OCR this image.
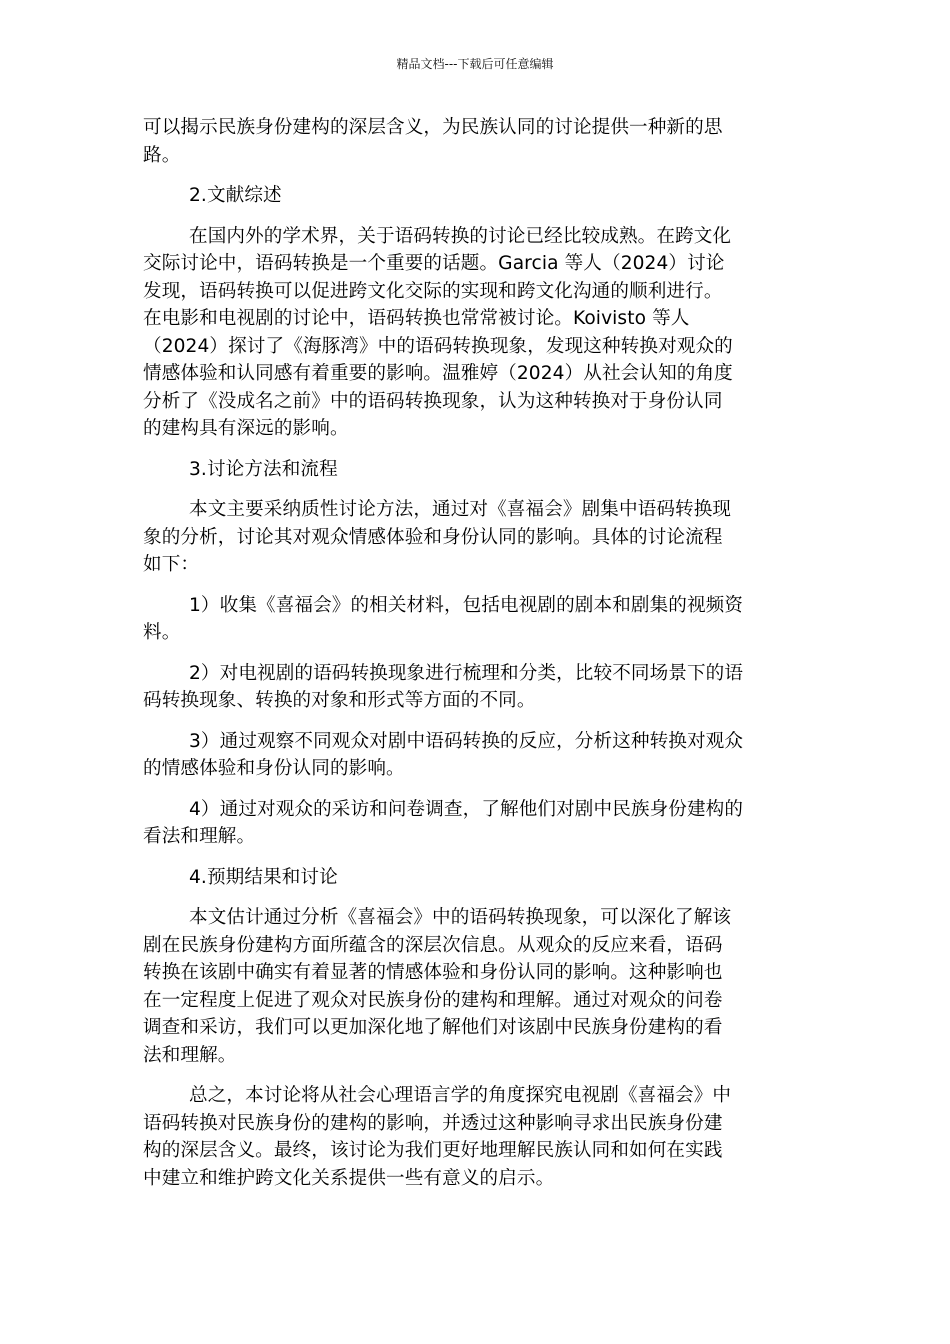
精品文档---下载后可任意编辑
可以揭示民族身份建构的深层含义，为民族认同的讨论提供一种新的思
路。
2.文献综述
在国内外的学术界，关于语码转换的讨论已经比较成熟。在跨文化
交际讨论中，语码转换是一个重要的话题。Garcia 等人（2024）讨论
发现，语码转换可以促进跨文化交际的实现和跨文化沟通的顺利进行。
在电影和电视剧的讨论中，语码转换也常常被讨论。Koivisto 等人
（2024）探讨了《海豚湾》中的语码转换现象，发现这种转换对观众的
情感体验和认同感有着重要的影响。温雅婷（2024）从社会认知的角度
分析了《没成名之前》中的语码转换现象，认为这种转换对于身份认同
的建构具有深远的影响。
3.讨论方法和流程
本文主要采纳质性讨论方法，通过对《喜福会》剧集中语码转换现
象的分析，讨论其对观众情感体验和身份认同的影响。具体的讨论流程
如下：
1）收集《喜福会》的相关材料，包括电视剧的剧本和剧集的视频资
料。
2）对电视剧的语码转换现象进行梳理和分类，比较不同场景下的语
码转换现象、转换的对象和形式等方面的不同。
3）通过观察不同观众对剧中语码转换的反应，分析这种转换对观众
的情感体验和身份认同的影响。
4）通过对观众的采访和问卷调查，了解他们对剧中民族身份建构的
看法和理解。
4.预期结果和讨论
本文估计通过分析《喜福会》中的语码转换现象，可以深化了解该
剧在民族身份建构方面所蕴含的深层次信息。从观众的反应来看，语码
转换在该剧中确实有着显著的情感体验和身份认同的影响。这种影响也
在一定程度上促进了观众对民族身份的建构和理解。通过对观众的问卷
调查和采访，我们可以更加深化地了解他们对该剧中民族身份建构的看
法和理解。
总之，本讨论将从社会心理语言学的角度探究电视剧《喜福会》中
语码转换对民族身份的建构的影响，并透过这种影响寻求出民族身份建
构的深层含义。最终，该讨论为我们更好地理解民族认同和如何在实践
中建立和维护跨文化关系提供一些有意义的启示。
